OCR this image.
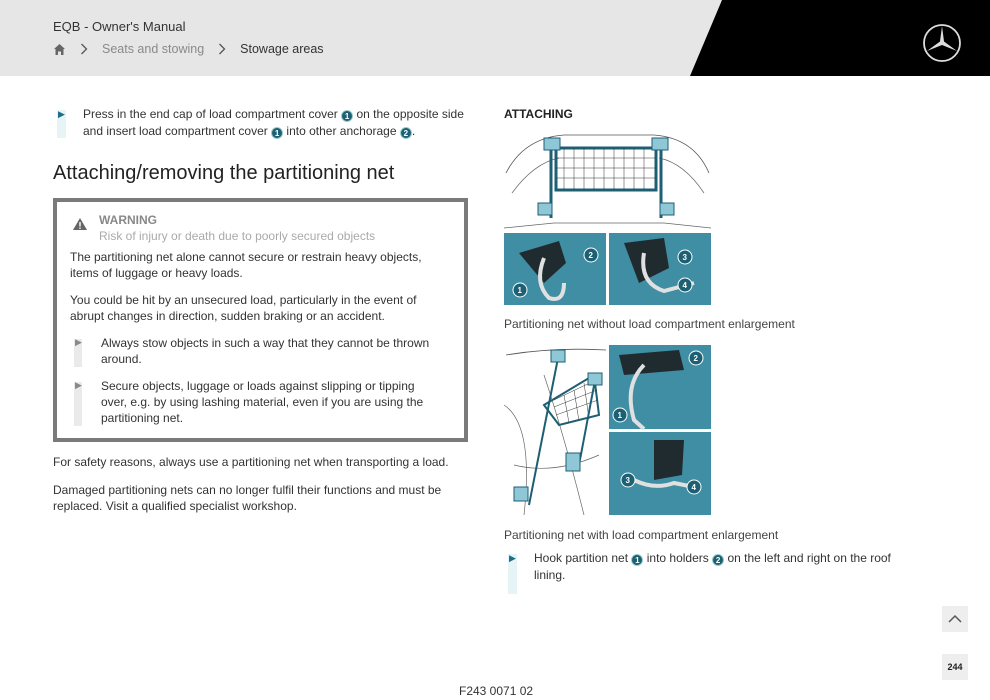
EQB - Owner's Manual
Seats and stowing	Stowage areas
▶ Press in the end cap of load compartment cover 1 on the opposite side
and insert load compartment cover 1 into other anchorage 2 .
Attaching/removing the partitioning net
WARNING
Risk of injury or death due to poorly secured objects
The partitioning net alone cannot secure or restrain heavy objects, items of luggage or heavy loads.
You could be hit by an unsecured load, particularly in the event of abrupt changes in direction, sudden braking or an accident.
▶ Always stow objects in such a way that they cannot be thrown around.
▶ Secure objects, luggage or loads against slipping or tipping over, e.g. by using lashing material, even if you are using the partitioning net.
For safety reasons, always use a partitioning net when transporting a load.
Damaged partitioning nets can no longer fulfil their functions and must be replaced. Visit a qualified specialist workshop.
ATTACHING
1
2	3
4
Partitioning net without load compartment enlargement
2
1
3
4
Partitioning net with load compartment enlargement
▶ Hook partition net 1 into holders 2 on the left and right on the roof
lining.
244
F243 0071 02
